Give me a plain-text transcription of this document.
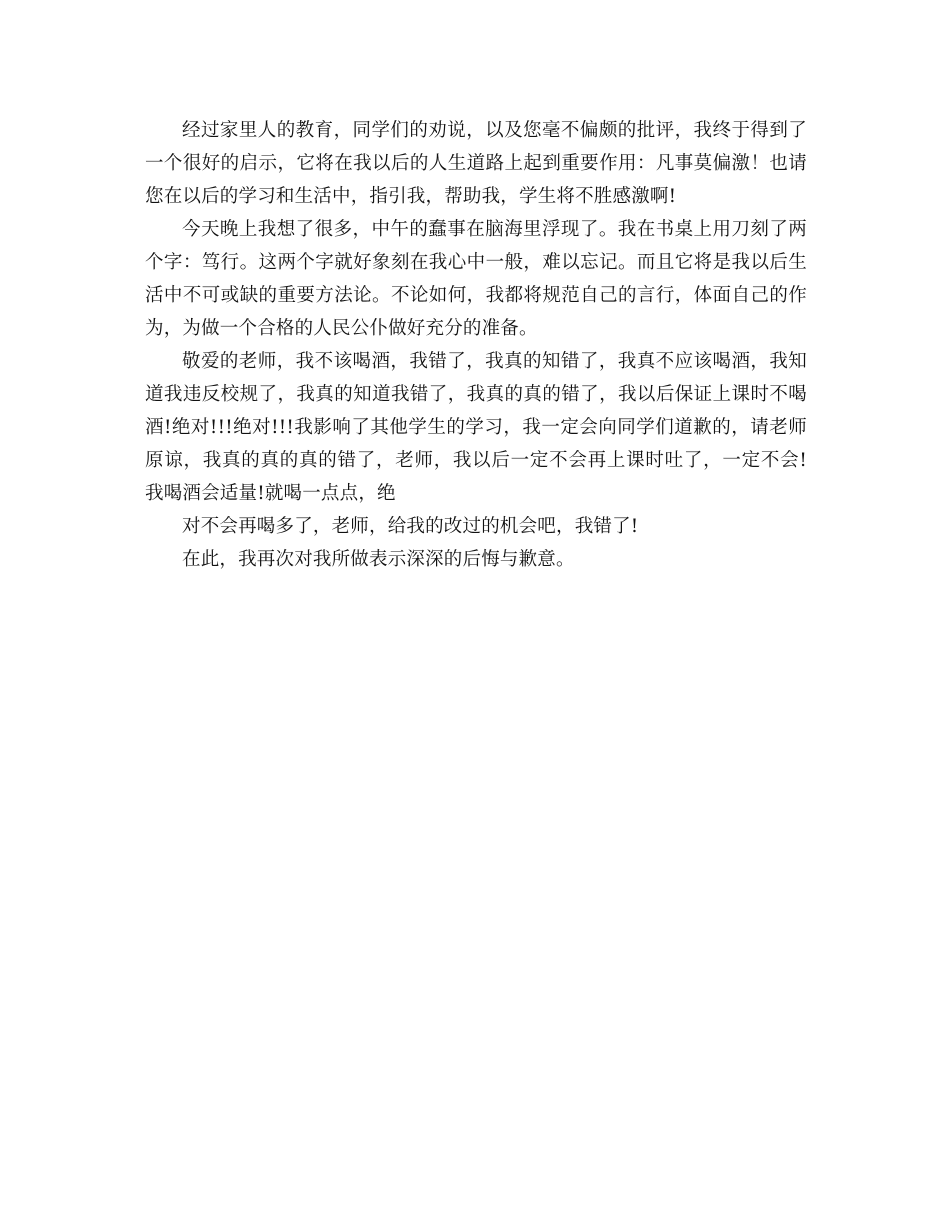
经过家里人的教育，同学们的劝说，以及您毫不偏颇的批评，我终于得到了一个很好的启示，它将在我以后的人生道路上起到重要作用：凡事莫偏激！也请您在以后的学习和生活中，指引我，帮助我，学生将不胜感激啊!

今天晚上我想了很多，中午的蠢事在脑海里浮现了。我在书桌上用刀刻了两个字：笃行。这两个字就好象刻在我心中一般，难以忘记。而且它将是我以后生活中不可或缺的重要方法论。不论如何，我都将规范自己的言行，体面自己的作为，为做一个合格的人民公仆做好充分的准备。

敬爱的老师，我不该喝酒，我错了，我真的知错了，我真不应该喝酒，我知道我违反校规了，我真的知道我错了，我真的真的错了，我以后保证上课时不喝酒!绝对!!!绝对!!!我影响了其他学生的学习，我一定会向同学们道歉的，请老师原谅，我真的真的真的错了，老师，我以后一定不会再上课时吐了，一定不会!我喝酒会适量!就喝一点点，绝

对不会再喝多了，老师，给我的改过的机会吧，我错了!

在此，我再次对我所做表示深深的后悔与歉意。
